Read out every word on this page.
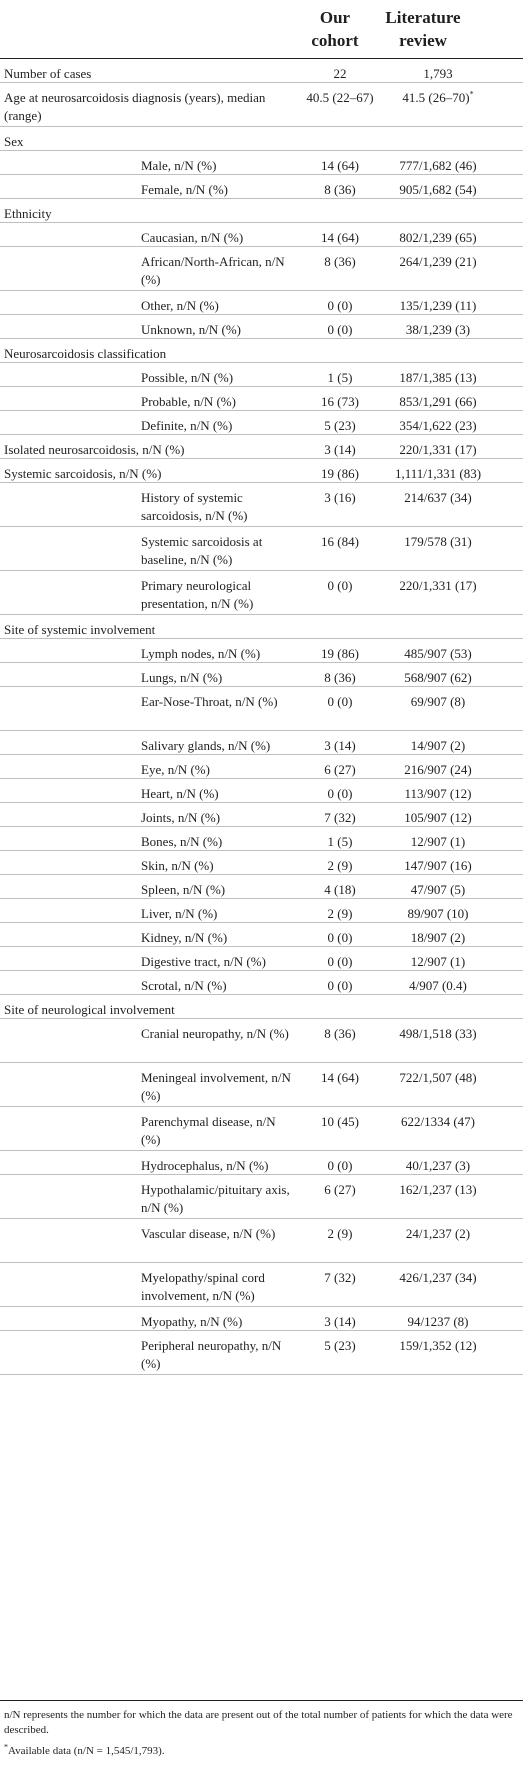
Our
cohort
Literature
review
Number of cases	22	1,793
Age at neurosarcoidosis diagnosis (years), median (range)
40.5 (22–67)	41.5 (26–70)*
Sex
Male, n/N (%)	14 (64)	777/1,682 (46)
Female, n/N (%)	8 (36)	905/1,682 (54)
Ethnicity
Caucasian, n/N (%)	14 (64)	802/1,239 (65)
African/North-African, n/N (%)
8 (36)	264/1,239 (21)
Other, n/N (%)	0 (0)	135/1,239 (11)
Unknown, n/N (%)	0 (0)	38/1,239 (3)
Neurosarcoidosis classification
Possible, n/N (%)	1 (5)	187/1,385 (13)
Probable, n/N (%)	16 (73)	853/1,291 (66)
Definite, n/N (%)	5 (23)	354/1,622 (23)
Isolated neurosarcoidosis, n/N (%)	3 (14)	220/1,331 (17)
Systemic sarcoidosis, n/N (%)	19 (86)	1,111/1,331 (83)
History of systemic sarcoidosis, n/N (%)
3 (16)	214/637 (34)
Systemic sarcoidosis at baseline, n/N (%)
16 (84)	179/578 (31)
Primary neurological presentation, n/N (%)
0 (0)	220/1,331 (17)
Site of systemic involvement
Lymph nodes, n/N (%)	19 (86)	485/907 (53)
Lungs, n/N (%)	8 (36)	568/907 (62)
Ear-Nose-Throat, n/N (%)	0 (0)	69/907 (8)
Salivary glands, n/N (%)	3 (14)	14/907 (2)
Eye, n/N (%)	6 (27)	216/907 (24)
Heart, n/N (%)	0 (0)	113/907 (12)
Joints, n/N (%)	7 (32)	105/907 (12)
Bones, n/N (%)	1 (5)	12/907 (1)
Skin, n/N (%)	2 (9)	147/907 (16)
Spleen, n/N (%)	4 (18)	47/907 (5)
Liver, n/N (%)	2 (9)	89/907 (10)
Kidney, n/N (%)	0 (0)	18/907 (2)
Digestive tract, n/N (%)	0 (0)	12/907 (1)
Scrotal, n/N (%)	0 (0)	4/907 (0.4)
Site of neurological involvement
Cranial neuropathy, n/N (%)	8 (36)	498/1,518 (33)
Meningeal involvement, n/N (%)
14 (64)	722/1,507 (48)
Parenchymal disease, n/N (%)
10 (45)	622/1334 (47)
Hydrocephalus, n/N (%)	0 (0)	40/1,237 (3)
Hypothalamic/pituitary axis, n/N (%)
6 (27)	162/1,237 (13)
Vascular disease, n/N (%)	2 (9)	24/1,237 (2)
Myelopathy/spinal cord involvement, n/N (%)
7 (32)	426/1,237 (34)
Myopathy, n/N (%)	3 (14)	94/1237 (8)
Peripheral neuropathy, n/N (%)
5 (23)	159/1,352 (12)
n/N represents the number for which the data are present out of the total number of patients for which the data were described.
*Available data (n/N = 1,545/1,793).
